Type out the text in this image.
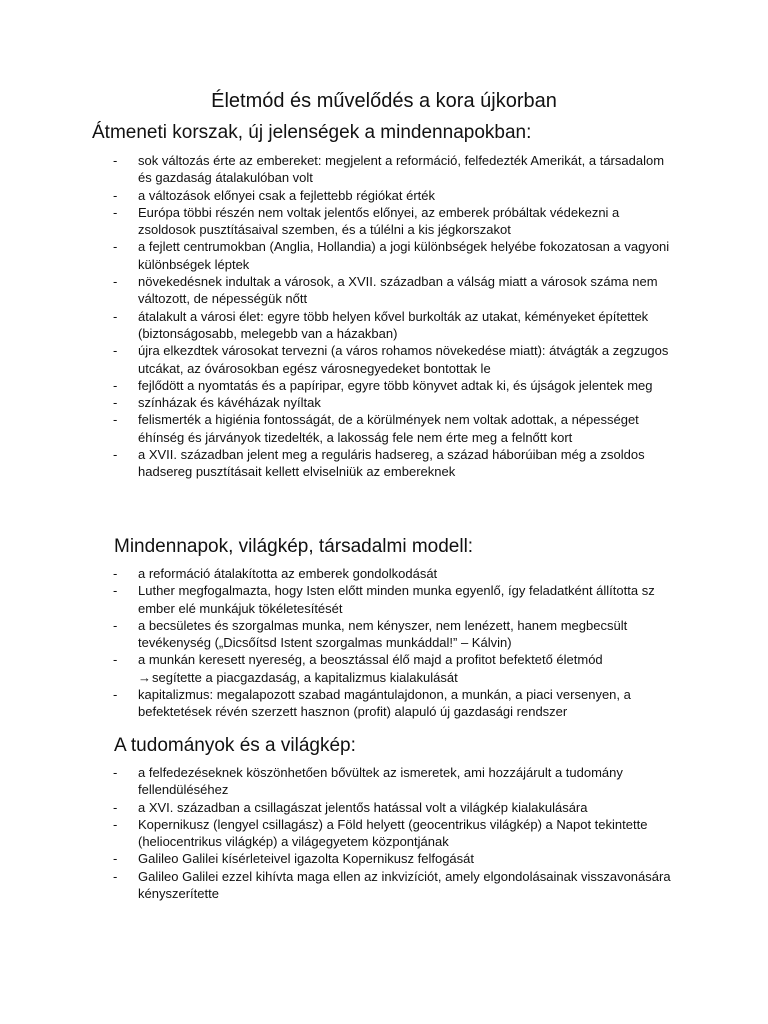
Életmód és művelődés a kora újkorban
Átmeneti korszak, új jelenségek a mindennapokban:
- sok változás érte az embereket: megjelent a reformáció, felfedezték Amerikát, a társadalom és gazdaság átalakulóban volt
- a változások előnyei csak a fejlettebb régiókat érték
- Európa többi részén nem voltak jelentős előnyei, az emberek próbáltak védekezni a zsoldosok pusztításaival szemben, és a túlélni a kis jégkorszakot
- a fejlett centrumokban (Anglia, Hollandia) a jogi különbségek helyébe fokozatosan a vagyoni különbségek léptek
- növekedésnek indultak a városok, a XVII. században a válság miatt a városok száma nem változott, de népességük nőtt
- átalakult a városi élet: egyre több helyen kővel burkolták az utakat, kéményeket építettek (biztonságosabb, melegebb van a házakban)
- újra elkezdtek városokat tervezni (a város rohamos növekedése miatt): átvágták a zegzugos utcákat, az óvárosokban egész városnegyedeket bontottak le
- fejlődött a nyomtatás és a papíripar, egyre több könyvet adtak ki, és újságok jelentek meg
- színházak és kávéházak nyíltak
- felismerték a higiénia fontosságát, de a körülmények nem voltak adottak, a népességet éhínség és járványok tizedelték, a lakosság fele nem érte meg a felnőtt kort
- a XVII. században jelent meg a reguláris hadsereg, a század háborúiban még a zsoldos hadsereg pusztításait kellett elviselniük az embereknek
Mindennapok, világkép, társadalmi modell:
- a reformáció átalakította az emberek gondolkodását
- Luther megfogalmazta, hogy Isten előtt minden munka egyenlő, így feladatként állította sz ember elé munkájuk tökéletesítését
- a becsületes és szorgalmas munka, nem kényszer, nem lenézett, hanem megbecsült tevékenység („Dicsőítsd Istent szorgalmas munkáddal!” – Kálvin)
- a munkán keresett nyereség, a beosztással élő majd a profitot befektető életmód
→segítette a piacgazdaság, a kapitalizmus kialakulását
- kapitalizmus: megalapozott szabad magántulajdonon, a munkán, a piaci versenyen, a befektetések révén szerzett hasznon (profit) alapuló új gazdasági rendszer
A tudományok és a világkép:
- a felfedezéseknek köszönhetően bővültek az ismeretek, ami hozzájárult a tudomány fellendüléséhez
- a XVI. században a csillagászat jelentős hatással volt a világkép kialakulására
- Kopernikusz (lengyel csillagász) a Föld helyett (geocentrikus világkép) a Napot tekintette (heliocentrikus világkép) a világegyetem központjának
- Galileo Galilei kísérleteivel igazolta Kopernikusz felfogását
- Galileo Galilei ezzel kihívta maga ellen az inkvizíciót, amely elgondolásainak visszavonására kényszerítette
